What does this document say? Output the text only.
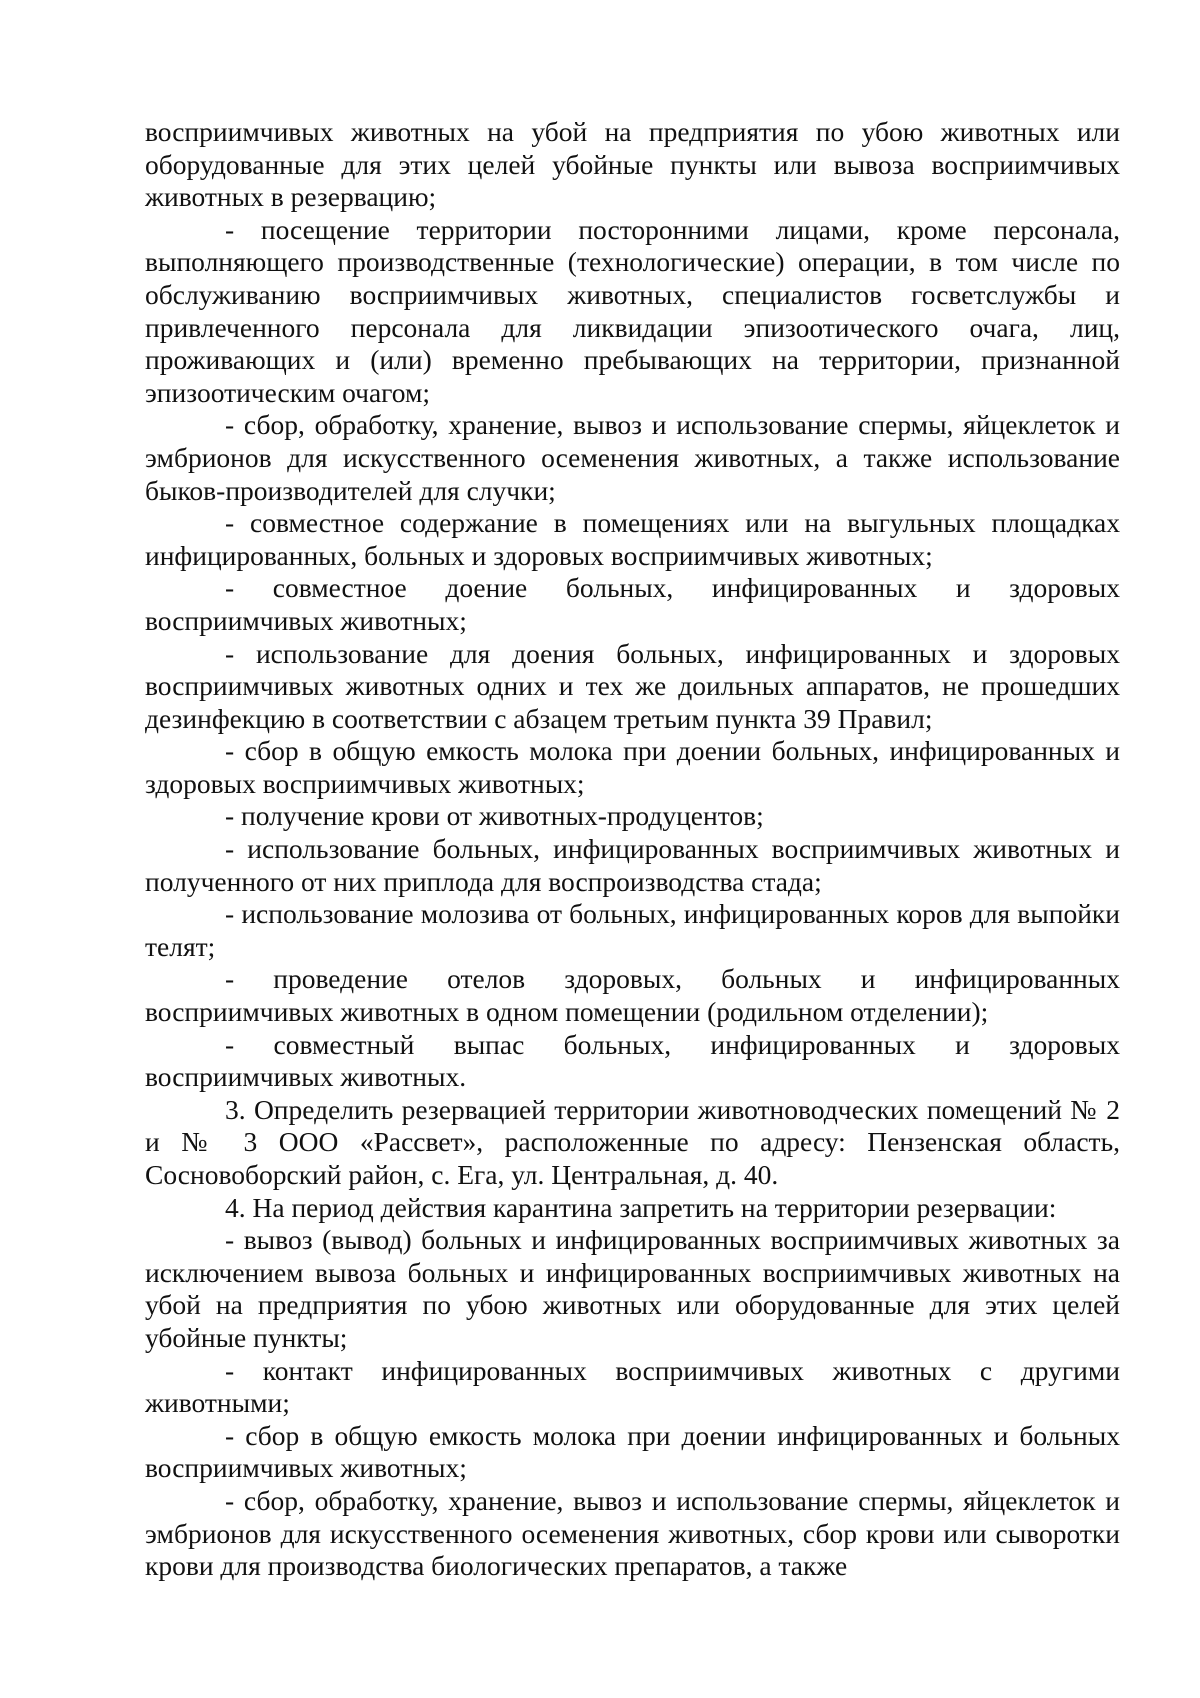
восприимчивых животных на убой на предприятия по убою животных или оборудованные для этих целей убойные пункты или вывоза восприимчивых животных в резервацию;

- посещение территории посторонними лицами, кроме персонала, выполняющего производственные (технологические) операции, в том числе по обслуживанию восприимчивых животных, специалистов госветслужбы и привлеченного персонала для ликвидации эпизоотического очага, лиц, проживающих и (или) временно пребывающих на территории, признанной эпизоотическим очагом;

- сбор, обработку, хранение, вывоз и использование спермы, яйцеклеток и эмбрионов для искусственного осеменения животных, а также использование быков-производителей для случки;

- совместное содержание в помещениях или на выгульных площадках инфицированных, больных и здоровых восприимчивых животных;

- совместное доение больных, инфицированных и здоровых восприимчивых животных;

- использование для доения больных, инфицированных и здоровых восприимчивых животных одних и тех же доильных аппаратов, не прошедших дезинфекцию в соответствии с абзацем третьим пункта 39 Правил;

- сбор в общую емкость молока при доении больных, инфицированных и здоровых восприимчивых животных;

- получение крови от животных-продуцентов;

- использование больных, инфицированных восприимчивых животных и полученного от них приплода для воспроизводства стада;

- использование молозива от больных, инфицированных коров для выпойки телят;

- проведение отелов здоровых, больных и инфицированных восприимчивых животных в одном помещении (родильном отделении);

- совместный выпас больных, инфицированных и здоровых восприимчивых животных.

3. Определить резервацией территории животноводческих помещений № 2 и № 3 ООО «Рассвет», расположенные по адресу: Пензенская область, Сосновоборский район, с. Ега, ул. Центральная, д. 40.

4. На период действия карантина запретить на территории резервации:

- вывоз (вывод) больных и инфицированных восприимчивых животных за исключением вывоза больных и инфицированных восприимчивых животных на убой на предприятия по убою животных или оборудованные для этих целей убойные пункты;

- контакт инфицированных восприимчивых животных с другими животными;

- сбор в общую емкость молока при доении инфицированных и больных восприимчивых животных;

- сбор, обработку, хранение, вывоз и использование спермы, яйцеклеток и эмбрионов для искусственного осеменения животных, сбор крови или сыворотки крови для производства биологических препаратов, а также
